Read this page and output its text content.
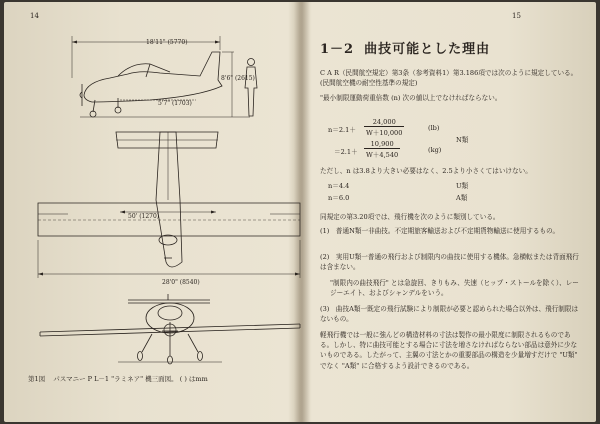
14	15
18'11" (5770)
8'6" (2615)
5'7" (1703)
50' (1270)
28'0" (8540)
第1図 パスマニー P L－1 "ラミネア" 機三面図。 ( ) はmm
1－2 曲技可能とした理由
C A R（民間航空規定）第3条（参考資料1）第3.186項では次のように規定している。(民間航空機の耐空性基準の規定)
"最小制限運動荷重倍数 (n) 次の値以上でなければならない。
$n=2.1+ \frac{24,000}{W+10,000}$	(lb)
$=2.1+ \frac{10,900}{W+4,540}$	(kg)
N類
ただし、n は3.8より大きい必要はなく、2.5より小さくてはいけない。
n＝4.4	U類
n＝6.0	A類
同規定の第3.20項では、飛行機を次のように類別している。
(1)　普通N類一非曲技。不定期旅客輸送および不定期貨物輸送に使用するもの。
(2)　実用U類一普通の飛行および制限内の曲技に使用する機体。急横転または背面飛行は含まない。
"制限内の曲技飛行" とは急旋回、きりもみ、失速（ヒップ・ストールを除く）、レージーエイト、およびシャンデルをいう。
(3)　曲技A類一既定の飛行試験により制限が必要と認められた場合以外は、飛行制限はないもの。
軽飛行機では一般に強んどの構造材料の寸法は製作の最小限度に制限されるものである。しかし、特に曲技可能とする場合に寸法を増さなければならない部品は意外に少ないものである。したがって、主翼の寸法とかの重要部品の構造を少量増すだけで "U類" でなく "A類" に合格するよう設計できるのである。
